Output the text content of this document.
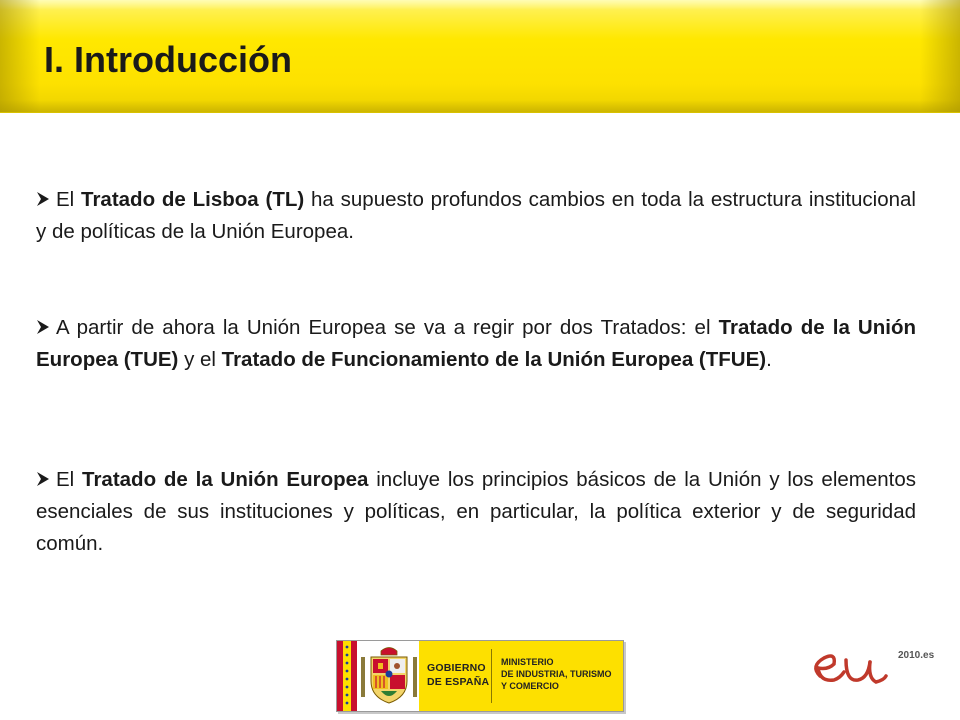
I. Introducción

El Tratado de Lisboa (TL) ha supuesto profundos cambios en toda la estructura institucional y de políticas de la Unión Europea.

A partir de ahora la Unión Europea se va a regir por dos Tratados: el Tratado de la Unión Europea (TUE) y el Tratado de Funcionamiento de la Unión Europea (TFUE).

El Tratado de la Unión Europea incluye los principios básicos de la Unión y los elementos esenciales de sus instituciones y políticas, en particular, la política exterior y de seguridad común.

GOBIERNO
DE ESPAÑA
MINISTERIO
DE INDUSTRIA, TURISMO
Y COMERCIO
2010.es
